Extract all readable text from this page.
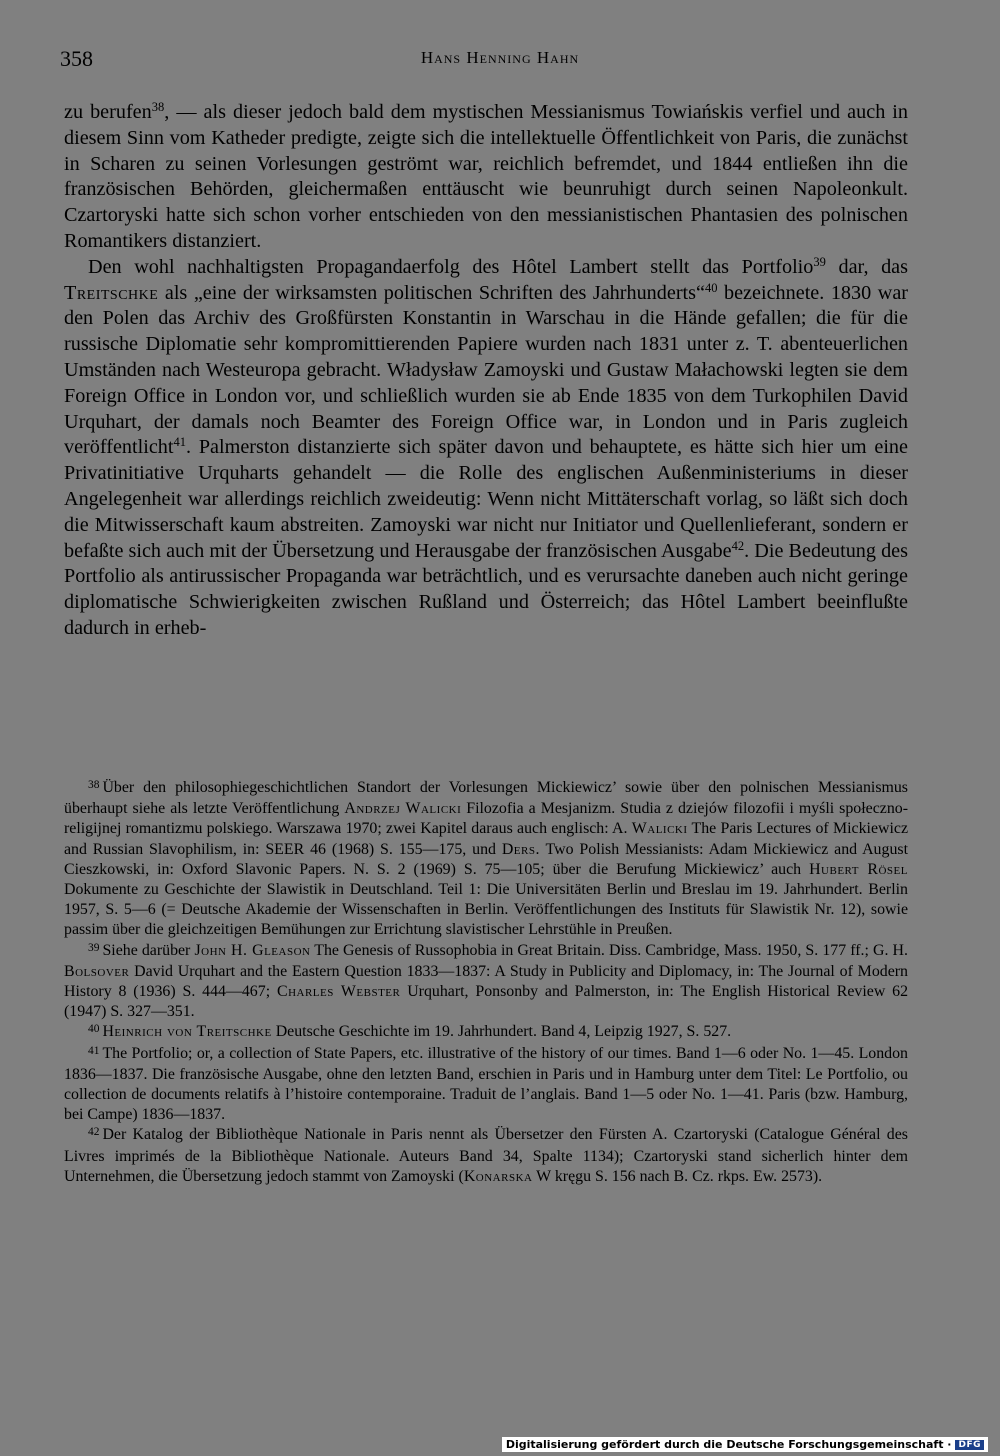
358	Hans Henning Hahn

zu berufen$^{38}$, — als dieser jedoch bald dem mystischen Messianismus Towiańskis verfiel und auch in diesem Sinn vom Katheder predigte, zeigte sich die intellektuelle Öffentlichkeit von Paris, die zunächst in Scharen zu seinen Vorlesungen geströmt war, reichlich befremdet, und 1844 entließen ihn die französischen Behörden, gleichermaßen enttäuscht wie beunruhigt durch seinen Napoleonkult. Czartoryski hatte sich schon vorher entschieden von den messianistischen Phantasien des polnischen Romantikers distanziert.

Den wohl nachhaltigsten Propagandaerfolg des Hôtel Lambert stellt das Portfolio$^{39}$ dar, das Treitschke als „eine der wirksamsten politischen Schriften des Jahrhunderts“$^{40}$ bezeichnete. 1830 war den Polen das Archiv des Großfürsten Konstantin in Warschau in die Hände gefallen; die für die russische Diplomatie sehr kompromittierenden Papiere wurden nach 1831 unter z. T. abenteuerlichen Umständen nach Westeuropa gebracht. Władysław Zamoyski und Gustaw Małachowski legten sie dem Foreign Office in London vor, und schließlich wurden sie ab Ende 1835 von dem Turkophilen David Urquhart, der damals noch Beamter des Foreign Office war, in London und in Paris zugleich veröffentlicht$^{41}$. Palmerston distanzierte sich später davon und behauptete, es hätte sich hier um eine Privatinitiative Urquharts gehandelt — die Rolle des englischen Außenministeriums in dieser Angelegenheit war allerdings reichlich zweideutig: Wenn nicht Mittäterschaft vorlag, so läßt sich doch die Mitwisserschaft kaum abstreiten. Zamoyski war nicht nur Initiator und Quellenlieferant, sondern er befaßte sich auch mit der Übersetzung und Herausgabe der französischen Ausgabe$^{42}$. Die Bedeutung des Portfolio als antirussischer Propaganda war beträchtlich, und es verursachte daneben auch nicht geringe diplomatische Schwierigkeiten zwischen Rußland und Österreich; das Hôtel Lambert beeinflußte dadurch in erheb-

$^{38}$ Über den philosophiegeschichtlichen Standort der Vorlesungen Mickiewicz’ sowie über den polnischen Messianismus überhaupt siehe als letzte Veröffentlichung Andrzej Walicki Filozofia a Mesjanizm. Studia z dziejów filozofii i myśli społeczno-religijnej romantizmu polskiego. Warszawa 1970; zwei Kapitel daraus auch englisch: A. Walicki The Paris Lectures of Mickiewicz and Russian Slavophilism, in: SEER 46 (1968) S. 155—175, und Ders. Two Polish Messianists: Adam Mickiewicz and August Cieszkowski, in: Oxford Slavonic Papers. N. S. 2 (1969) S. 75—105; über die Berufung Mickiewicz’ auch Hubert Rösel Dokumente zu Geschichte der Slawistik in Deutschland. Teil 1: Die Universitäten Berlin und Breslau im 19. Jahrhundert. Berlin 1957, S. 5—6 (= Deutsche Akademie der Wissenschaften in Berlin. Veröffentlichungen des Instituts für Slawistik Nr. 12), sowie passim über die gleichzeitigen Bemühungen zur Errichtung slavistischer Lehrstühle in Preußen.

$^{39}$ Siehe darüber John H. Gleason The Genesis of Russophobia in Great Britain. Diss. Cambridge, Mass. 1950, S. 177 ff.; G. H. Bolsover David Urquhart and the Eastern Question 1833—1837: A Study in Publicity and Diplomacy, in: The Journal of Modern History 8 (1936) S. 444—467; Charles Webster Urquhart, Ponsonby and Palmerston, in: The English Historical Review 62 (1947) S. 327—351.

$^{40}$ Heinrich von Treitschke Deutsche Geschichte im 19. Jahrhundert. Band 4, Leipzig 1927, S. 527.

$^{41}$ The Portfolio; or, a collection of State Papers, etc. illustrative of the history of our times. Band 1—6 oder No. 1—45. London 1836—1837. Die französische Ausgabe, ohne den letzten Band, erschien in Paris und in Hamburg unter dem Titel: Le Portfolio, ou collection de documents relatifs à l’histoire contemporaine. Traduit de l’anglais. Band 1—5 oder No. 1—41. Paris (bzw. Hamburg, bei Campe) 1836—1837.

$^{42}$ Der Katalog der Bibliothèque Nationale in Paris nennt als Übersetzer den Fürsten A. Czartoryski (Catalogue Général des Livres imprimés de la Bibliothèque Nationale. Auteurs Band 34, Spalte 1134); Czartoryski stand sicherlich hinter dem Unternehmen, die Übersetzung jedoch stammt von Zamoyski (Konarska W kręgu S. 156 nach B. Cz. rkps. Ew. 2573).

Digitalisierung gefördert durch die Deutsche Forschungsgemeinschaft · DFG
